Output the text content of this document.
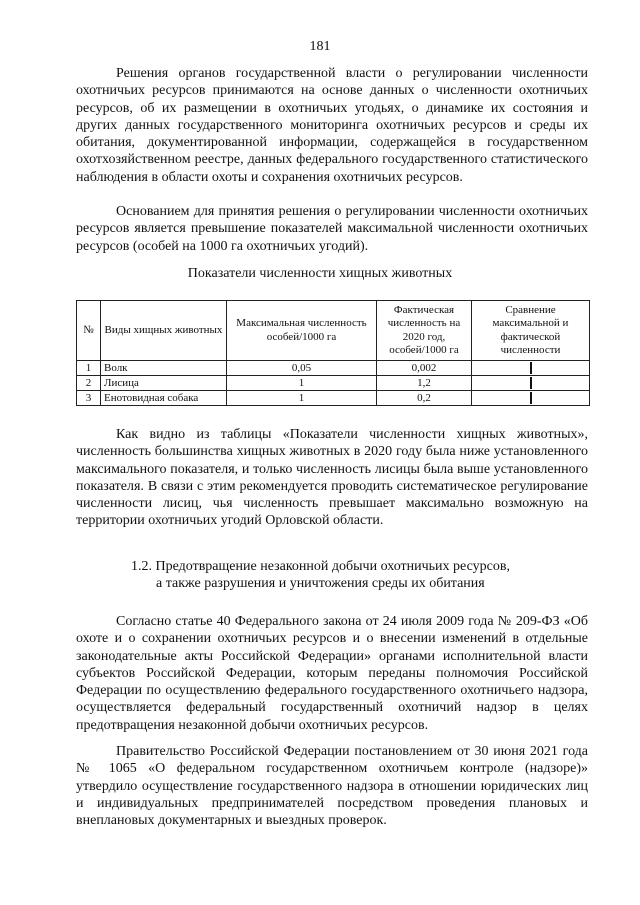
181

Решения органов государственной власти о регулировании численности охотничьих ресурсов принимаются на основе данных о численности охотничьих ресурсов, об их размещении в охотничьих угодьях, о динамике их состояния и других данных государственного мониторинга охотничьих ресурсов и среды их обитания, документированной информации, содержащейся в государственном охотхозяйственном реестре, данных федерального государственного статистического наблюдения в области охоты и сохранения охотничьих ресурсов.

Основанием для принятия решения о регулировании численности охотничьих ресурсов является превышение показателей максимальной численности охотничьих ресурсов (особей на 1000 га охотничьих угодий).

Показатели численности хищных животных
№	Виды хищных животных	Максимальная численность особей/1000 га	Фактическая численность на 2020 год, особей/1000 га	Сравнение максимальной и фактической численности
1	Волк	0,05	0,002	
2	Лисица	1	1,2	
3	Енотовидная собака	1	0,2	

Как видно из таблицы «Показатели численности хищных животных», численность большинства хищных животных в 2020 году была ниже установленного максимального показателя, и только численность лисицы была выше установленного показателя. В связи с этим рекомендуется проводить систематическое регулирование численности лисиц, чья численность превышает максимально возможную на территории охотничьих угодий Орловской области.

1.2. Предотвращение незаконной добычи охотничьих ресурсов,
а также разрушения и уничтожения среды их обитания

Согласно статье 40 Федерального закона от 24 июля 2009 года № 209-ФЗ «Об охоте и о сохранении охотничьих ресурсов и о внесении изменений в отдельные законодательные акты Российской Федерации» органами исполнительной власти субъектов Российской Федерации, которым переданы полномочия Российской Федерации по осуществлению федерального государственного охотничьего надзора, осуществляется федеральный государственный охотничий надзор в целях предотвращения незаконной добычи охотничьих ресурсов.

Правительство Российской Федерации постановлением от 30 июня 2021 года № 1065 «О федеральном государственном охотничьем контроле (надзоре)» утвердило осуществление государственного надзора в отношении юридических лиц и индивидуальных предпринимателей посредством проведения плановых и внеплановых документарных и выездных проверок.
